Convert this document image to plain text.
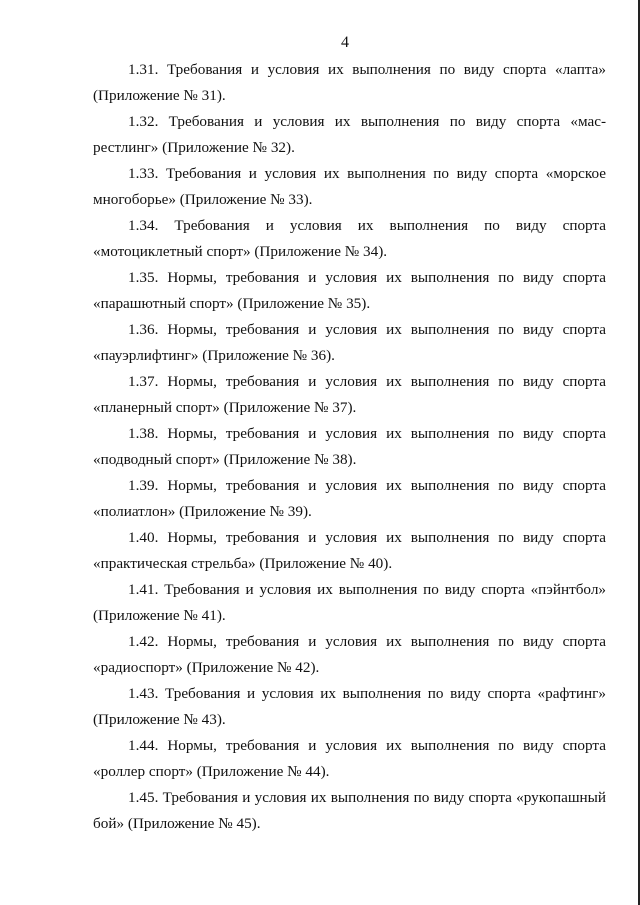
4

1.31. Требования и условия их выполнения по виду спорта «лапта»
(Приложение № 31).

1.32. Требования и условия их выполнения по виду спорта «мас-
рестлинг» (Приложение № 32).

1.33. Требования и условия их выполнения по виду спорта «морское
многоборье» (Приложение № 33).

1.34. Требования и условия их выполнения по виду спорта
«мотоциклетный спорт» (Приложение № 34).

1.35. Нормы, требования и условия их выполнения по виду спорта
«парашютный спорт» (Приложение № 35).

1.36. Нормы, требования и условия их выполнения по виду спорта
«пауэрлифтинг» (Приложение № 36).

1.37. Нормы, требования и условия их выполнения по виду спорта
«планерный спорт» (Приложение № 37).

1.38. Нормы, требования и условия их выполнения по виду спорта
«подводный спорт» (Приложение № 38).

1.39. Нормы, требования и условия их выполнения по виду спорта
«полиатлон» (Приложение № 39).

1.40. Нормы, требования и условия их выполнения по виду спорта
«практическая стрельба» (Приложение № 40).

1.41. Требования и условия их выполнения по виду спорта «пэйнтбол»
(Приложение № 41).

1.42. Нормы, требования и условия их выполнения по виду спорта
«радиоспорт» (Приложение № 42).

1.43. Требования и условия их выполнения по виду спорта «рафтинг»
(Приложение № 43).

1.44. Нормы, требования и условия их выполнения по виду спорта
«роллер спорт» (Приложение № 44).

1.45. Требования и условия их выполнения по виду спорта «рукопашный
бой» (Приложение № 45).
